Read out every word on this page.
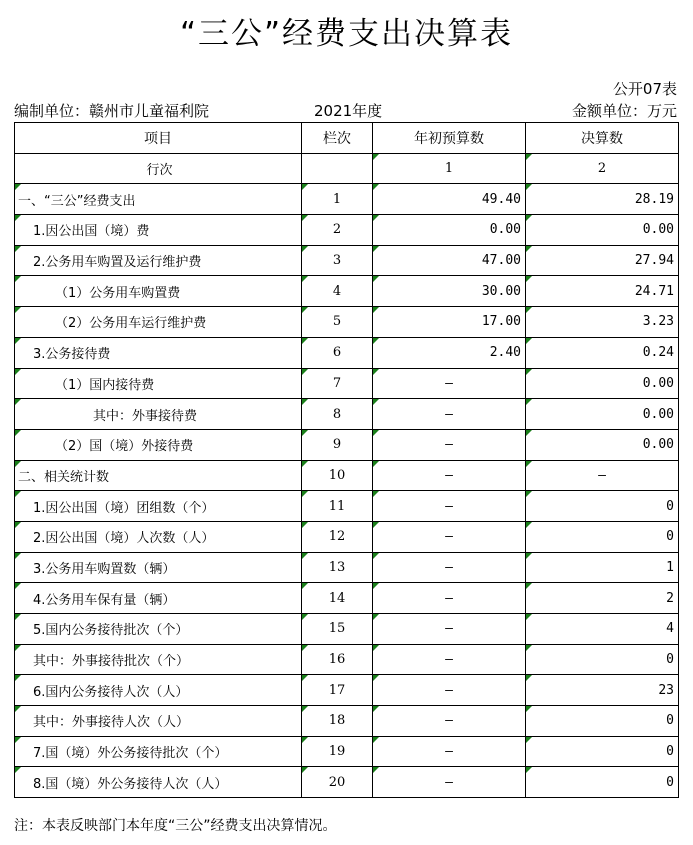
“三公”经费支出决算表
公开07表
编制单位：赣州市儿童福利院	2021年度	金额单位：万元
项目	栏次	年初预算数	决算数
行次		1	2
一、“三公”经费支出	1	49.40	28.19
1.因公出国（境）费	2	0.00	0.00
2.公务用车购置及运行维护费	3	47.00	27.94
（1）公务用车购置费	4	30.00	24.71
（2）公务用车运行维护费	5	17.00	3.23
3.公务接待费	6	2.40	0.24
（1）国内接待费	7	–	0.00
其中：外事接待费	8	–	0.00
（2）国（境）外接待费	9	–	0.00
二、相关统计数	10	–	–
1.因公出国（境）团组数（个）	11	–	0
2.因公出国（境）人次数（人）	12	–	0
3.公务用车购置数（辆）	13	–	1
4.公务用车保有量（辆）	14	–	2
5.国内公务接待批次（个）	15	–	4
其中：外事接待批次（个）	16	–	0
6.国内公务接待人次（人）	17	–	23
其中：外事接待人次（人）	18	–	0
7.国（境）外公务接待批次（个）	19	–	0
8.国（境）外公务接待人次（人）	20	–	0
注：本表反映部门本年度“三公”经费支出决算情况。
